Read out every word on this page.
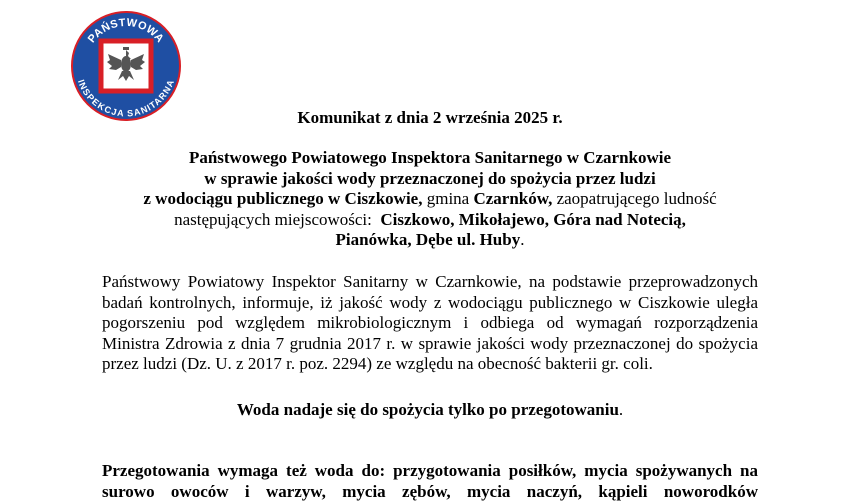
PAŃSTWOWA
INSPEKCJA SANITARNA
Komunikat z dnia 2 września 2025 r.
Państwowego Powiatowego Inspektora Sanitarnego w Czarnkowie
w sprawie jakości wody przeznaczonej do spożycia przez ludzi
z wodociągu publicznego w Ciszkowie, gmina Czarnków, zaopatrującego ludność
następujących miejscowości:  Ciszkowo, Mikołajewo, Góra nad Notecią,
Pianówka, Dębe ul. Huby.
Państwowy Powiatowy Inspektor Sanitarny w Czarnkowie, na podstawie przeprowadzonych
badań kontrolnych, informuje, iż jakość wody z wodociągu publicznego w Ciszkowie uległa
pogorszeniu pod względem mikrobiologicznym i odbiega od wymagań rozporządzenia
Ministra Zdrowia z dnia 7 grudnia 2017 r. w sprawie jakości wody przeznaczonej do spożycia
przez ludzi (Dz. U. z 2017 r. poz. 2294) ze względu na obecność bakterii gr. coli.
Woda nadaje się do spożycia tylko po przegotowaniu.
Przegotowania wymaga też woda do: przygotowania posiłków, mycia spożywanych na
surowo owoców i warzyw, mycia zębów, mycia naczyń, kąpieli noworodków
